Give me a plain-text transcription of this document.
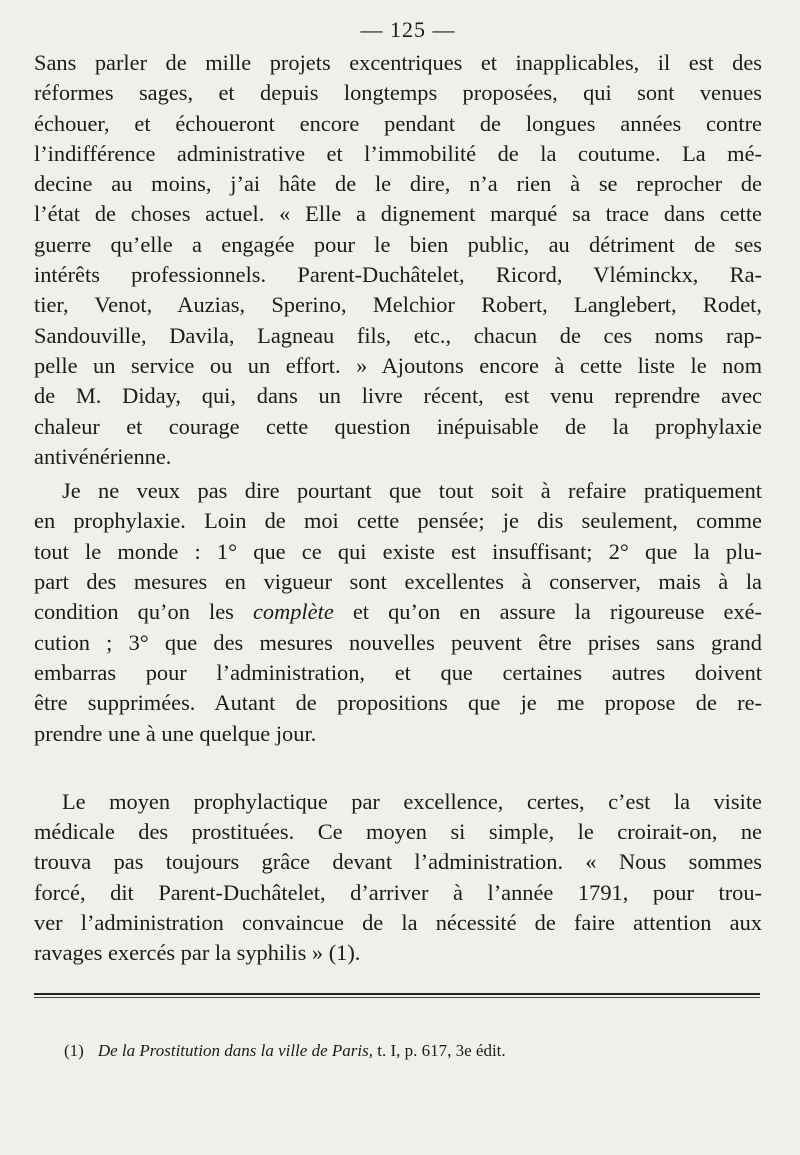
— 125 —

Sans parler de mille projets excentriques et inapplicables, il est des
réformes sages, et depuis longtemps proposées, qui sont venues
échouer, et échoueront encore pendant de longues années contre
l’indifférence administrative et l’immobilité de la coutume. La mé-
decine au moins, j’ai hâte de le dire, n’a rien à se reprocher de
l’état de choses actuel. « Elle a dignement marqué sa trace dans cette
guerre qu’elle a engagée pour le bien public, au détriment de ses
intérêts professionnels. Parent-Duchâtelet, Ricord, Vléminckx, Ra-
tier, Venot, Auzias, Sperino, Melchior Robert, Langlebert, Rodet,
Sandouville, Davila, Lagneau fils, etc., chacun de ces noms rap-
pelle un service ou un effort. » Ajoutons encore à cette liste le nom
de M. Diday, qui, dans un livre récent, est venu reprendre avec
chaleur et courage cette question inépuisable de la prophylaxie
antivénérienne.

Je ne veux pas dire pourtant que tout soit à refaire pratiquement
en prophylaxie. Loin de moi cette pensée; je dis seulement, comme
tout le monde : 1° que ce qui existe est insuffisant; 2° que la plu-
part des mesures en vigueur sont excellentes à conserver, mais à la
condition qu’on les complète et qu’on en assure la rigoureuse exé-
cution ; 3° que des mesures nouvelles peuvent être prises sans grand
embarras pour l’administration, et que certaines autres doivent
être supprimées. Autant de propositions que je me propose de re-
prendre une à une quelque jour.

Le moyen prophylactique par excellence, certes, c’est la visite
médicale des prostituées. Ce moyen si simple, le croirait-on, ne
trouva pas toujours grâce devant l’administration. « Nous sommes
forcé, dit Parent-Duchâtelet, d’arriver à l’année 1791, pour trou-
ver l’administration convaincue de la nécessité de faire attention aux
ravages exercés par la syphilis » (1).

(1) De la Prostitution dans la ville de Paris, t. I, p. 617, 3e édit.
